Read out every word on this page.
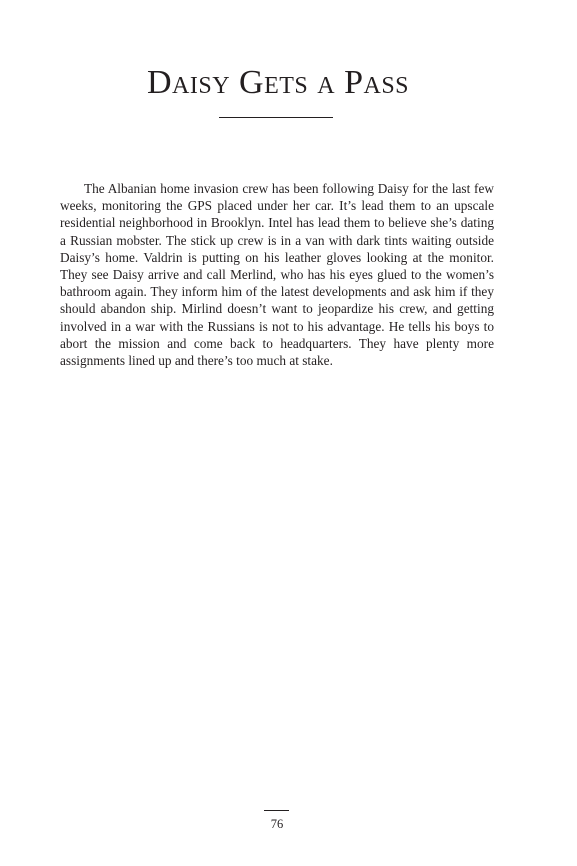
Daisy Gets a Pass

The Albanian home invasion crew has been following Daisy for the last few weeks, monitoring the GPS placed under her car. It’s lead them to an upscale residential neighborhood in Brooklyn. Intel has lead them to believe she’s dating a Russian mobster. The stick up crew is in a van with dark tints waiting outside Daisy’s home. Valdrin is putting on his leather gloves looking at the monitor. They see Daisy arrive and call Merlind, who has his eyes glued to the women’s bathroom again. They inform him of the latest developments and ask him if they should abandon ship. Mirlind doesn’t want to jeopardize his crew, and getting involved in a war with the Russians is not to his advantage. He tells his boys to abort the mission and come back to headquarters. They have plenty more assignments lined up and there’s too much at stake.

76
